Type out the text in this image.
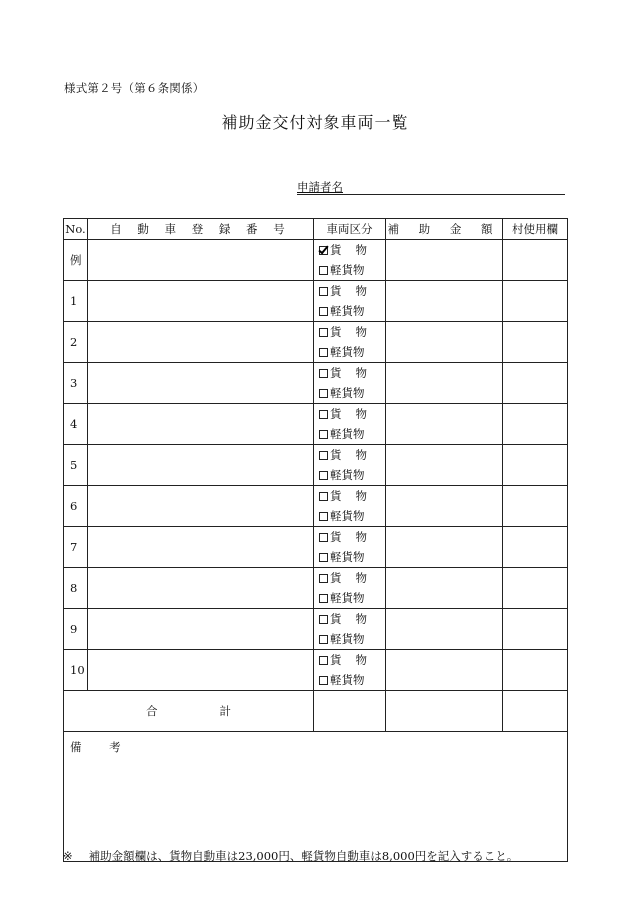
様式第２号（第６条関係）
補助金交付対象車両一覧
申請者名
No.	自 動 車 登 録 番 号	車両区分	補 助 金 額	村使用欄
例		貨物
軽貨物		

1		貨物
軽貨物		

2		貨物
軽貨物		

3		貨物
軽貨物		

4		貨物
軽貨物		

5		貨物
軽貨物		

6		貨物
軽貨物		

7		貨物
軽貨物		

8		貨物
軽貨物		

9		貨物
軽貨物		

10		貨物
軽貨物		

合 計				
備 考				
※ 補助金額欄は、貨物自動車は23,000円、軽貨物自動車は8,000円を記入すること。
